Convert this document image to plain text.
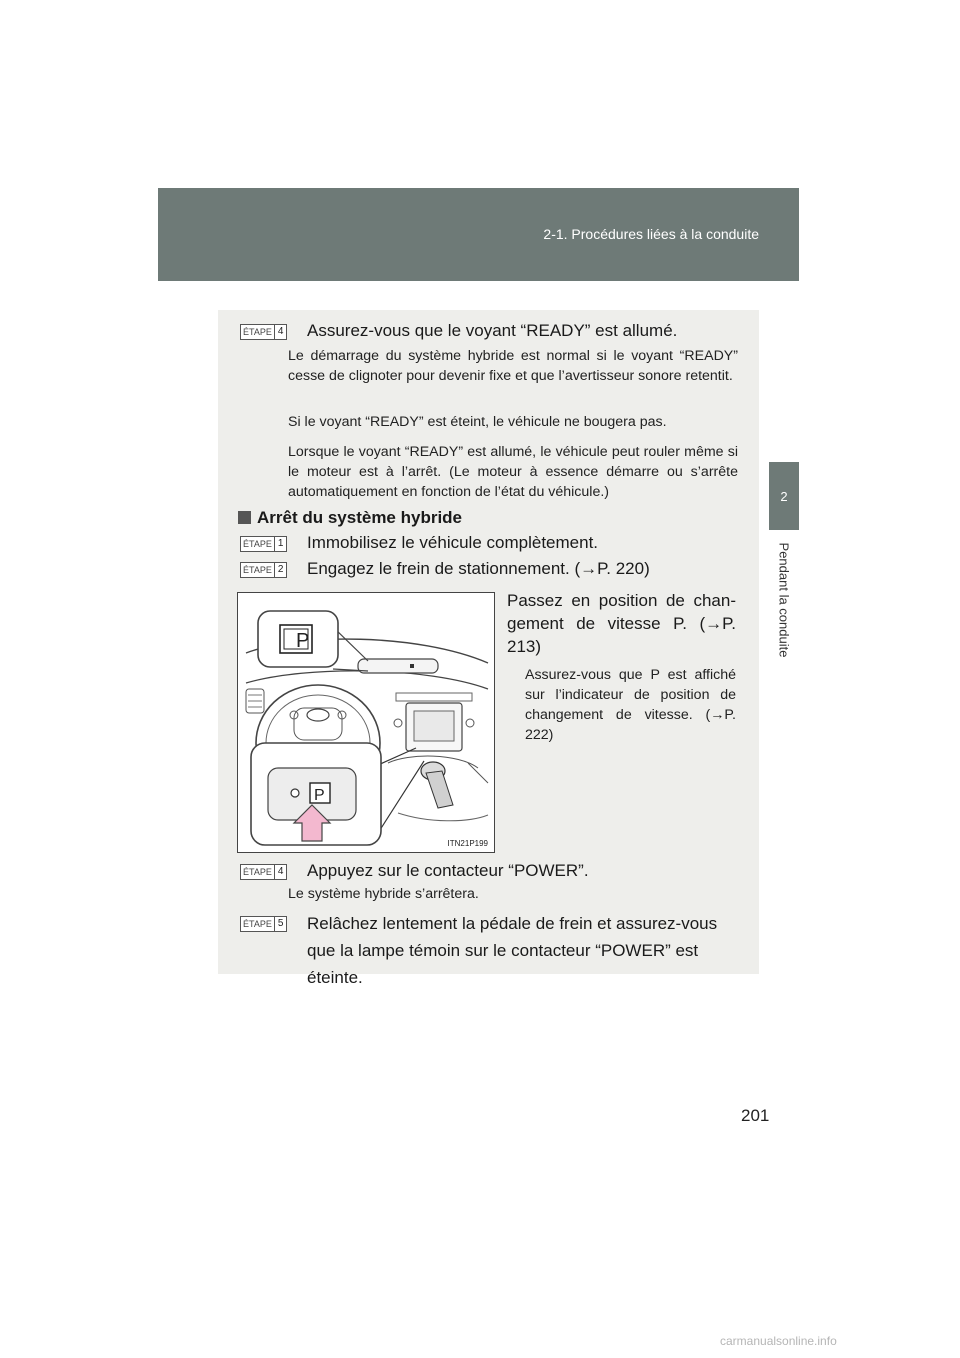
2-1. Procédures liées à la conduite
2
Pendant la conduite
ÉTAPE 4 Assurez-vous que le voyant “READY” est allumé.
Le démarrage du système hybride est normal si le voyant “READY” cesse de clignoter pour devenir fixe et que l’avertisseur sonore retentit.
Si le voyant “READY” est éteint, le véhicule ne bougera pas.
Lorsque le voyant “READY” est allumé, le véhicule peut rouler même si le moteur est à l’arrêt. (Le moteur à essence démarre ou s’arrête automatiquement en fonction de l’état du véhicule.)
Arrêt du système hybride
ÉTAPE 1 Immobilisez le véhicule complètement.
ÉTAPE 2 Engagez le frein de stationnement. (→P. 220)
P
P
ITN21P199
Passez en position de chan-gement de vitesse P. (→P. 213)
Assurez-vous que P est affiché sur l’indicateur de position de changement de vitesse. (→P. 222)
ÉTAPE 4 Appuyez sur le contacteur “POWER”.
Le système hybride s’arrêtera.
ÉTAPE 5 Relâchez lentement la pédale de frein et assurez-vous que la lampe témoin sur le contacteur “POWER” est éteinte.
201
carmanualsonline.info
